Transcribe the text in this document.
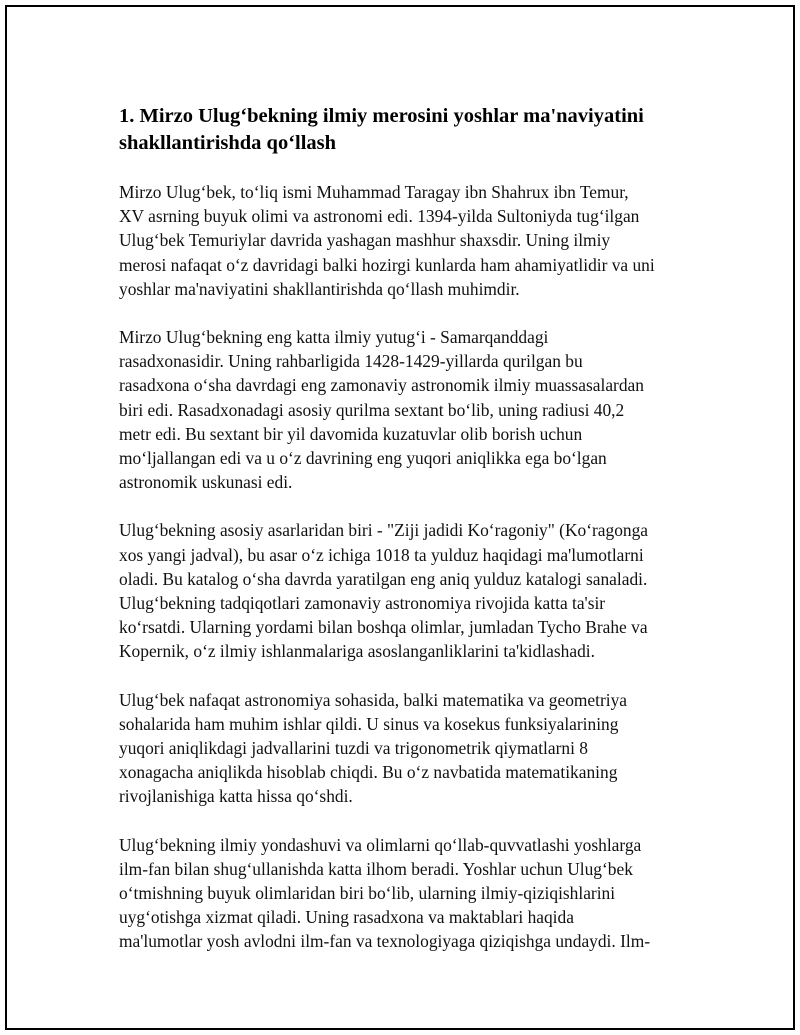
1. Mirzo Ulug‘bekning ilmiy merosini yoshlar ma'naviyatini
shakllantirishda qo‘llash

Mirzo Ulug‘bek, to‘liq ismi Muhammad Taragay ibn Shahrux ibn Temur,
XV asrning buyuk olimi va astronomi edi. 1394-yilda Sultoniyda tug‘ilgan
Ulug‘bek Temuriylar davrida yashagan mashhur shaxsdir. Uning ilmiy
merosi nafaqat o‘z davridagi balki hozirgi kunlarda ham ahamiyatlidir va uni
yoshlar ma'naviyatini shakllantirishda qo‘llash muhimdir.

Mirzo Ulug‘bekning eng katta ilmiy yutug‘i - Samarqanddagi
rasadxonasidir. Uning rahbarligida 1428-1429-yillarda qurilgan bu
rasadxona o‘sha davrdagi eng zamonaviy astronomik ilmiy muassasalardan
biri edi. Rasadxonadagi asosiy qurilma sextant bo‘lib, uning radiusi 40,2
metr edi. Bu sextant bir yil davomida kuzatuvlar olib borish uchun
mo‘ljallangan edi va u o‘z davrining eng yuqori aniqlikka ega bo‘lgan
astronomik uskunasi edi.

Ulug‘bekning asosiy asarlaridan biri - "Ziji jadidi Ko‘ragoniy" (Ko‘ragonga
xos yangi jadval), bu asar o‘z ichiga 1018 ta yulduz haqidagi ma'lumotlarni
oladi. Bu katalog o‘sha davrda yaratilgan eng aniq yulduz katalogi sanaladi.
Ulug‘bekning tadqiqotlari zamonaviy astronomiya rivojida katta ta'sir
ko‘rsatdi. Ularning yordami bilan boshqa olimlar, jumladan Tycho Brahe va
Kopernik, o‘z ilmiy ishlanmalariga asoslanganliklarini ta'kidlashadi.

Ulug‘bek nafaqat astronomiya sohasida, balki matematika va geometriya
sohalarida ham muhim ishlar qildi. U sinus va kosekus funksiyalarining
yuqori aniqlikdagi jadvallarini tuzdi va trigonometrik qiymatlarni 8
xonagacha aniqlikda hisoblab chiqdi. Bu o‘z navbatida matematikaning
rivojlanishiga katta hissa qo‘shdi.

Ulug‘bekning ilmiy yondashuvi va olimlarni qo‘llab-quvvatlashi yoshlarga
ilm-fan bilan shug‘ullanishda katta ilhom beradi. Yoshlar uchun Ulug‘bek
o‘tmishning buyuk olimlaridan biri bo‘lib, ularning ilmiy-qiziqishlarini
uyg‘otishga xizmat qiladi. Uning rasadxona va maktablari haqida
ma'lumotlar yosh avlodni ilm-fan va texnologiyaga qiziqishga undaydi. Ilm-
